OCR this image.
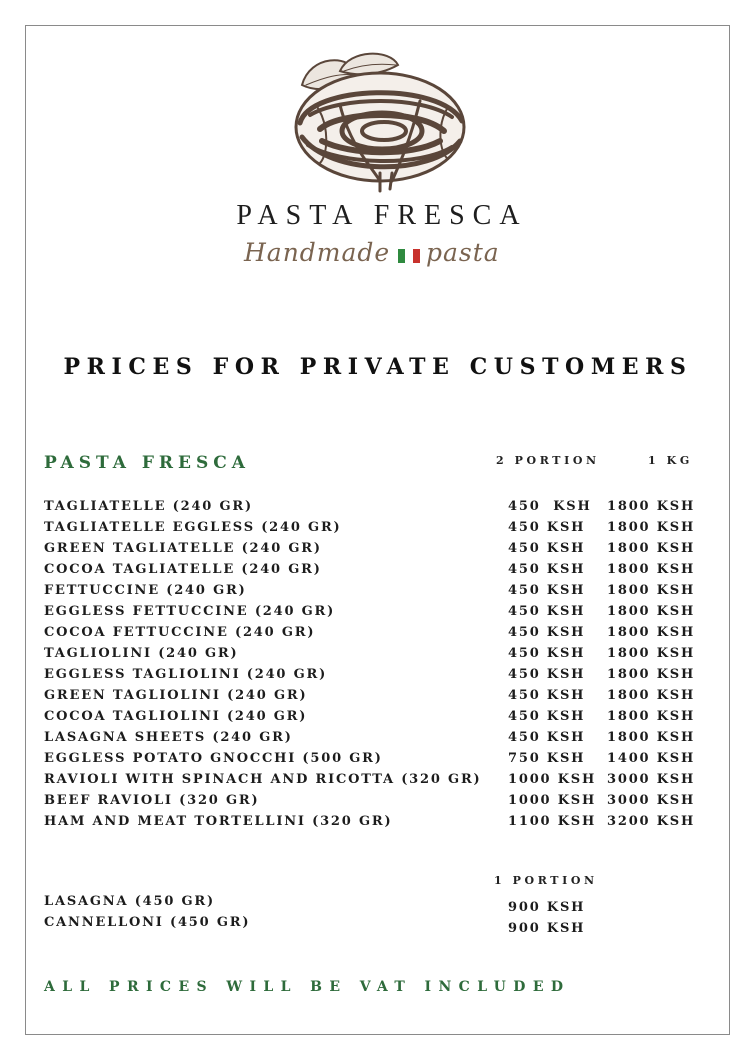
PASTA FRESCA
Handmade pasta
PRICES FOR PRIVATE CUSTOMERS
PASTA FRESCA	2 PORTION	1 KG
TAGLIATELLE (240 GR)	450  KSH 1800 KSH
TAGLIATELLE EGGLESS (240 GR)	450 KSH 1800 KSH
GREEN TAGLIATELLE (240 GR)	450 KSH 1800 KSH
COCOA TAGLIATELLE (240 GR)	450 KSH 1800 KSH
FETTUCCINE (240 GR)	450 KSH 1800 KSH
EGGLESS FETTUCCINE (240 GR)	450 KSH 1800 KSH
COCOA FETTUCCINE (240 GR)	450 KSH 1800 KSH
TAGLIOLINI (240 GR)	450 KSH 1800 KSH
EGGLESS TAGLIOLINI (240 GR)	450 KSH 1800 KSH
GREEN TAGLIOLINI (240 GR)	450 KSH 1800 KSH
COCOA TAGLIOLINI (240 GR)	450 KSH 1800 KSH
LASAGNA SHEETS (240 GR)	450 KSH 1800 KSH
EGGLESS POTATO GNOCCHI (500 GR)	750 KSH 1400 KSH
RAVIOLI WITH SPINACH AND RICOTTA (320 GR) 1000 KSH 3000 KSH
BEEF RAVIOLI (320 GR)	1000 KSH 3000 KSH
HAM AND MEAT TORTELLINI (320 GR)	1100 KSH 3200 KSH
1 PORTION
LASAGNA (450 GR)	900 KSH
CANNELLONI (450 GR)	900 KSH
ALL PRICES WILL BE VAT INCLUDED
